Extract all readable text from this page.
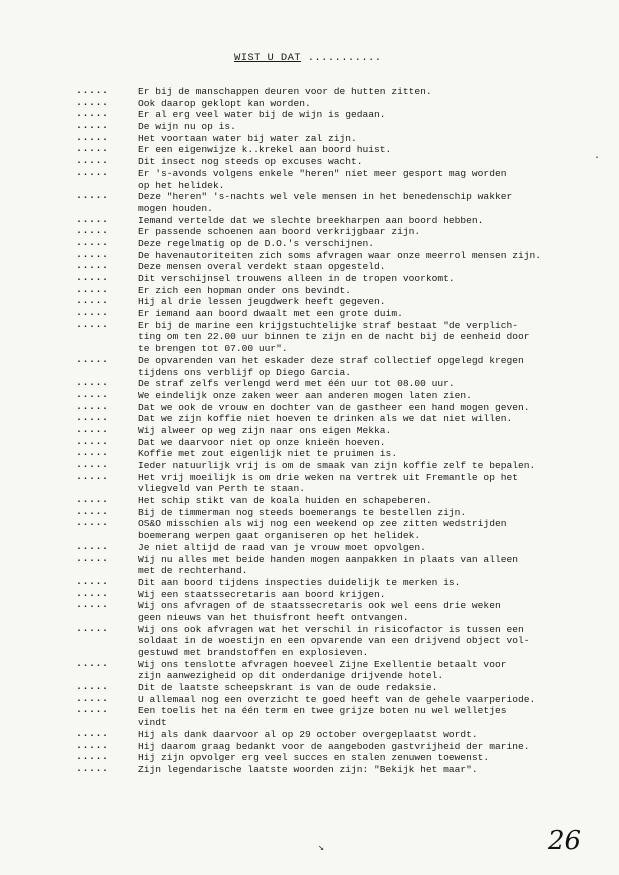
WIST U DAT ...........
.....	Er bij de manschappen deuren voor de hutten zitten.
.....	Ook daarop geklopt kan worden.
.....	Er al erg veel water bij de wijn is gedaan.
.....	De wijn nu op is.
.....	Het voortaan water bij water zal zijn.
.....	Er een eigenwijze k..krekel aan boord huist.
.....	Dit insect nog steeds op excuses wacht.
.....	Er 's-avonds volgens enkele "heren" niet meer gesport mag worden
op het helidek.
.....	Deze "heren" 's-nachts wel vele mensen in het benedenschip wakker
mogen houden.
.....	Iemand vertelde dat we slechte breekharpen aan boord hebben.
.....	Er passende schoenen aan boord verkrijgbaar zijn.
.....	Deze regelmatig op de D.O.'s verschijnen.
.....	De havenautoriteiten zich soms afvragen waar onze meerrol mensen zijn.
.....	Deze mensen overal verdekt staan opgesteld.
.....	Dit verschijnsel trouwens alleen in de tropen voorkomt.
.....	Er zich een hopman onder ons bevindt.
.....	Hij al drie lessen jeugdwerk heeft gegeven.
.....	Er iemand aan boord dwaalt met een grote duim.
.....	Er bij de marine een krijgstuchtelijke straf bestaat "de verplich-
ting om ten 22.00 uur binnen te zijn en de nacht bij de eenheid door
te brengen tot 07.00 uur".
.....	De opvarenden van het eskader deze straf collectief opgelegd kregen
tijdens ons verblijf op Diego Garcia.
.....	De straf zelfs verlengd werd met één uur tot 08.00 uur.
.....	We eindelijk onze zaken weer aan anderen mogen laten zien.
.....	Dat we ook de vrouw en dochter van de gastheer een hand mogen geven.
.....	Dat we zijn koffie niet hoeven te drinken als we dat niet willen.
.....	Wij alweer op weg zijn naar ons eigen Mekka.
.....	Dat we daarvoor niet op onze knieën hoeven.
.....	Koffie met zout eigenlijk niet te pruimen is.
.....	Ieder natuurlijk vrij is om de smaak van zijn koffie zelf te bepalen.
.....	Het vrij moeilijk is om drie weken na vertrek uit Fremantle op het
vliegveld van Perth te staan.
.....	Het schip stikt van de koala huiden en schapeberen.
.....	Bij de timmerman nog steeds boemerangs te bestellen zijn.
.....	OS&O misschien als wij nog een weekend op zee zitten wedstrijden
boemerang werpen gaat organiseren op het helidek.
.....	Je niet altijd de raad van je vrouw moet opvolgen.
.....	Wij nu alles met beide handen mogen aanpakken in plaats van alleen
met de rechterhand.
.....	Dit aan boord tijdens inspecties duidelijk te merken is.
.....	Wij een staatssecretaris aan boord krijgen.
.....	Wij ons afvragen of de staatssecretaris ook wel eens drie weken
geen nieuws van het thuisfront heeft ontvangen.
.....	Wij ons ook afvragen wat het verschil in risicofactor is tussen een
soldaat in de woestijn en een opvarende van een drijvend object vol-
gestuwd met brandstoffen en explosieven.
.....	Wij ons tenslotte afvragen hoeveel Zijne Exellentie betaalt voor
zijn aanwezigheid op dit onderdanige drijvende hotel.
.....	Dit de laatste scheepskrant is van de oude redaksie.
.....	U allemaal nog een overzicht te goed heeft van de gehele vaarperiode.
.....	Een toelis het na één term en twee grijze boten nu wel welletjes
vindt
.....	Hij als dank daarvoor al op 29 october overgeplaatst wordt.
.....	Hij daarom graag bedankt voor de aangeboden gastvrijheid der marine.
.....	Hij zijn opvolger erg veel succes en stalen zenuwen toewenst.
.....	Zijn legendarische laatste woorden zijn: "Bekijk het maar".
·
↘	26
